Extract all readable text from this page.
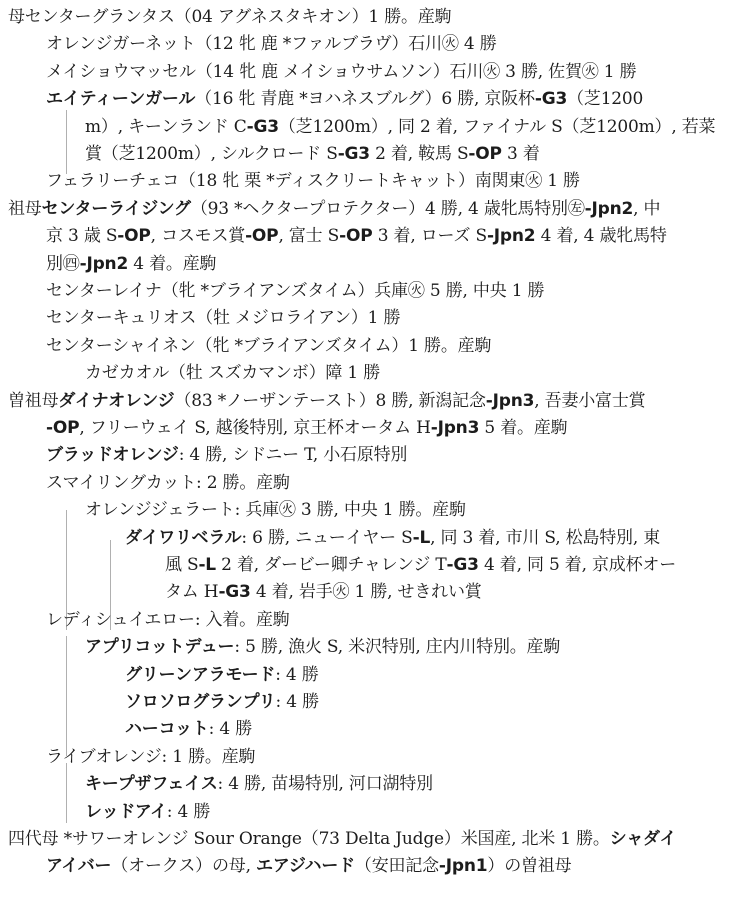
母センターグランタス（04 アグネスタキオン）1 勝。産駒
オレンジガーネット（12 牝 鹿 *ファルブラヴ）石川㊋ 4 勝
メイショウマッセル（14 牝 鹿 メイショウサムソン）石川㊋ 3 勝, 佐賀㊋ 1 勝
エイティーンガール（16 牝 青鹿 *ヨハネスブルグ）6 勝, 京阪杯-G3（芝1200
m）, キーンランド C-G3（芝1200m）, 同 2 着, ファイナル S（芝1200m）, 若菜
賞（芝1200m）, シルクロード S-G3 2 着, 鞍馬 S-OP 3 着
フェラリーチェコ（18 牝 栗 *ディスクリートキャット）南関東㊋ 1 勝
祖母センターライジング（93 *ヘクタープロテクター）4 勝, 4 歳牝馬特別㊧-Jpn2, 中
京 3 歳 S-OP, コスモス賞-OP, 富士 S-OP 3 着, ローズ S-Jpn2 4 着, 4 歳牝馬特
別㊃-Jpn2 4 着。産駒
センターレイナ（牝 *ブライアンズタイム）兵庫㊋ 5 勝, 中央 1 勝
センターキュリオス（牡 メジロライアン）1 勝
センターシャイネン（牝 *ブライアンズタイム）1 勝。産駒
カゼカオル（牡 スズカマンボ）障 1 勝
曽祖母ダイナオレンジ（83 *ノーザンテースト）8 勝, 新潟記念-Jpn3, 吾妻小富士賞
-OP, フリーウェイ S, 越後特別, 京王杯オータム H-Jpn3 5 着。産駒
ブラッドオレンジ: 4 勝, シドニー T, 小石原特別
スマイリングカット: 2 勝。産駒
オレンジジェラート: 兵庫㊋ 3 勝, 中央 1 勝。産駒
ダイワリベラル: 6 勝, ニューイヤー S-L, 同 3 着, 市川 S, 松島特別, 東
風 S-L 2 着, ダービー卿チャレンジ T-G3 4 着, 同 5 着, 京成杯オー
タム H-G3 4 着, 岩手㊋ 1 勝, せきれい賞
レディシュイエロー: 入着。産駒
アプリコットデュー: 5 勝, 漁火 S, 米沢特別, 庄内川特別。産駒
グリーンアラモード: 4 勝
ソロソログランプリ: 4 勝
ハーコット: 4 勝
ライブオレンジ: 1 勝。産駒
キープザフェイス: 4 勝, 苗場特別, 河口湖特別
レッドアイ: 4 勝
四代母 *サワーオレンジ Sour Orange（73 Delta Judge）米国産, 北米 1 勝。シャダイ
アイバー（オークス）の母, エアジハード（安田記念-Jpn1）の曽祖母
